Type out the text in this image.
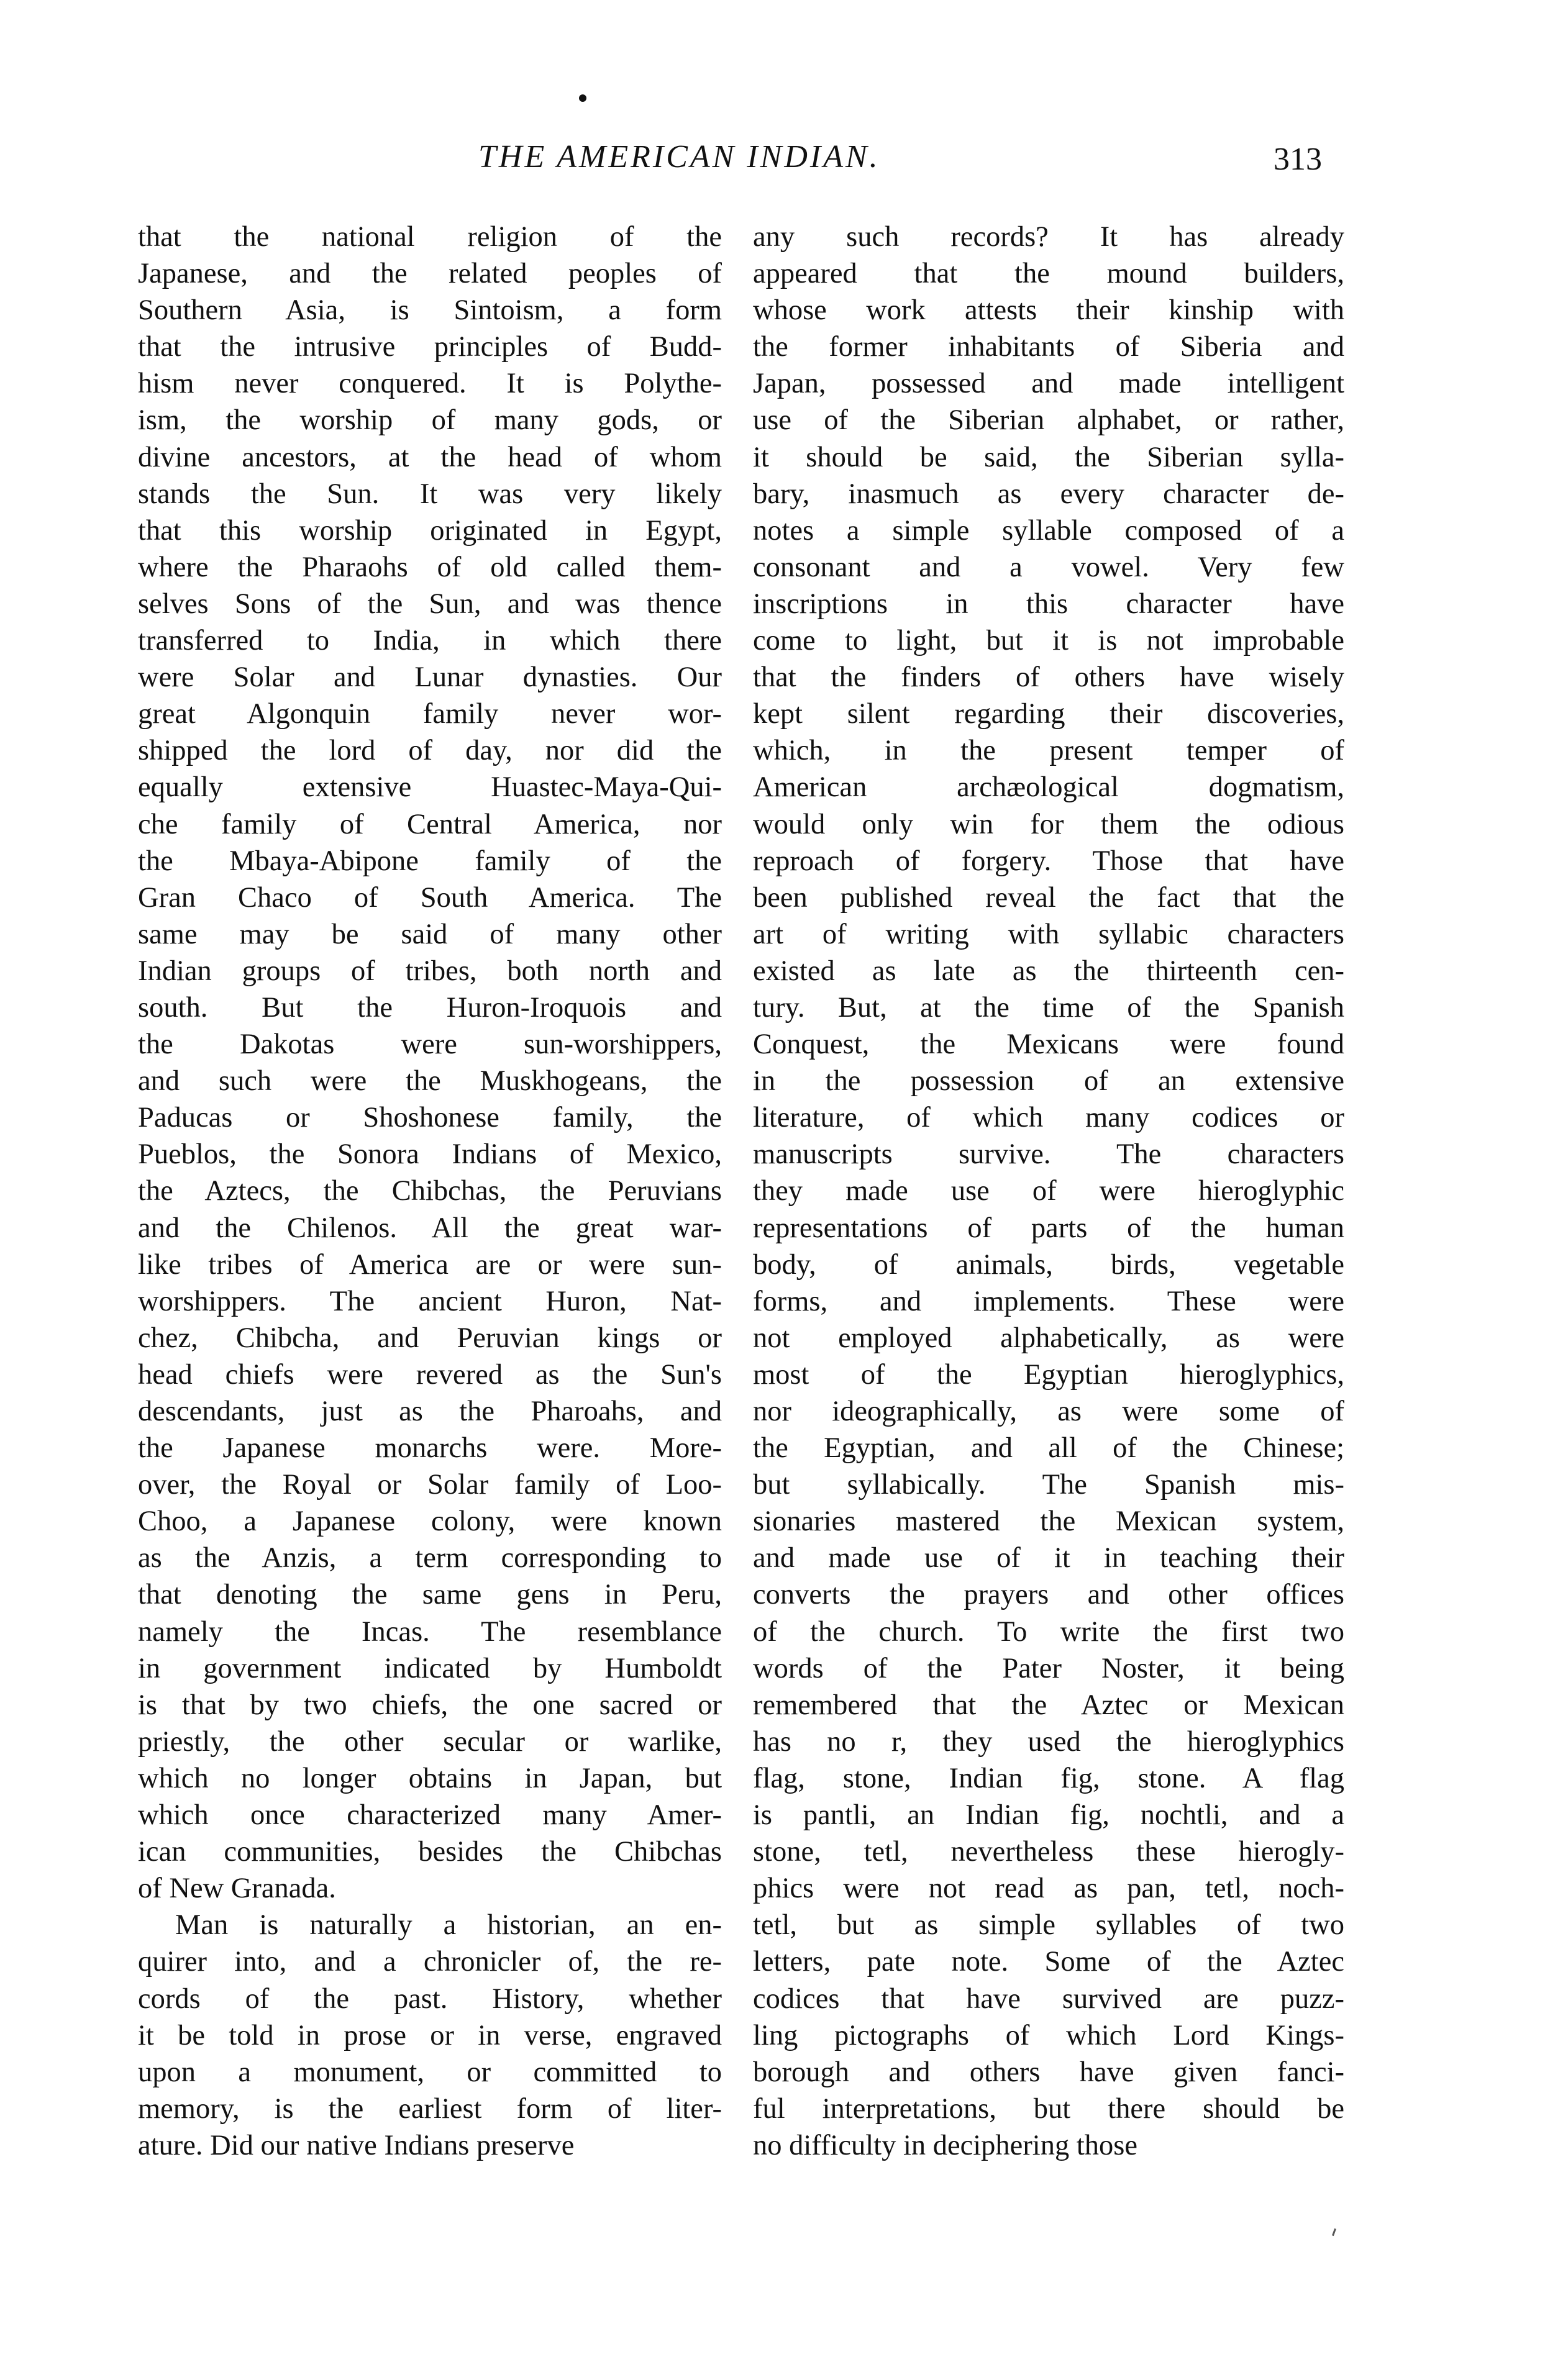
THE AMERICAN INDIAN.	313
that the national religion of the
Japanese, and the related peoples of
Southern Asia, is Sintoism, a form
that the intrusive principles of Budd-
hism never conquered. It is Polythe-
ism, the worship of many gods, or
divine ancestors, at the head of whom
stands the Sun. It was very likely
that this worship originated in Egypt,
where the Pharaohs of old called them-
selves Sons of the Sun, and was thence
transferred to India, in which there
were Solar and Lunar dynasties. Our
great Algonquin family never wor-
shipped the lord of day, nor did the
equally extensive Huastec-Maya-Qui-
che family of Central America, nor
the Mbaya-Abipone family of the
Gran Chaco of South America. The
same may be said of many other
Indian groups of tribes, both north and
south. But the Huron-Iroquois and
the Dakotas were sun-worshippers,
and such were the Muskhogeans, the
Paducas or Shoshonese family, the
Pueblos, the Sonora Indians of Mexico,
the Aztecs, the Chibchas, the Peruvians
and the Chilenos. All the great war-
like tribes of America are or were sun-
worshippers. The ancient Huron, Nat-
chez, Chibcha, and Peruvian kings or
head chiefs were revered as the Sun's
descendants, just as the Pharoahs, and
the Japanese monarchs were. More-
over, the Royal or Solar family of Loo-
Choo, a Japanese colony, were known
as the Anzis, a term corresponding to
that denoting the same gens in Peru,
namely the Incas. The resemblance
in government indicated by Humboldt
is that by two chiefs, the one sacred or
priestly, the other secular or warlike,
which no longer obtains in Japan, but
which once characterized many Amer-
ican communities, besides the Chibchas
of New Granada.
Man is naturally a historian, an en-
quirer into, and a chronicler of, the re-
cords of the past. History, whether
it be told in prose or in verse, engraved
upon a monument, or committed to
memory, is the earliest form of liter-
ature. Did our native Indians preserve
any such records? It has already
appeared that the mound builders,
whose work attests their kinship with
the former inhabitants of Siberia and
Japan, possessed and made intelligent
use of the Siberian alphabet, or rather,
it should be said, the Siberian sylla-
bary, inasmuch as every character de-
notes a simple syllable composed of a
consonant and a vowel. Very few
inscriptions in this character have
come to light, but it is not improbable
that the finders of others have wisely
kept silent regarding their discoveries,
which, in the present temper of
American archæological dogmatism,
would only win for them the odious
reproach of forgery. Those that have
been published reveal the fact that the
art of writing with syllabic characters
existed as late as the thirteenth cen-
tury. But, at the time of the Spanish
Conquest, the Mexicans were found
in the possession of an extensive
literature, of which many codices or
manuscripts survive. The characters
they made use of were hieroglyphic
representations of parts of the human
body, of animals, birds, vegetable
forms, and implements. These were
not employed alphabetically, as were
most of the Egyptian hieroglyphics,
nor ideographically, as were some of
the Egyptian, and all of the Chinese;
but syllabically. The Spanish mis-
sionaries mastered the Mexican system,
and made use of it in teaching their
converts the prayers and other offices
of the church. To write the first two
words of the Pater Noster, it being
remembered that the Aztec or Mexican
has no r, they used the hieroglyphics
flag, stone, Indian fig, stone. A flag
is pantli, an Indian fig, nochtli, and a
stone, tetl, nevertheless these hierogly-
phics were not read as pan, tetl, noch-
tetl, but as simple syllables of two
letters, pate note. Some of the Aztec
codices that have survived are puzz-
ling pictographs of which Lord Kings-
borough and others have given fanci-
ful interpretations, but there should be
no difficulty in deciphering those
